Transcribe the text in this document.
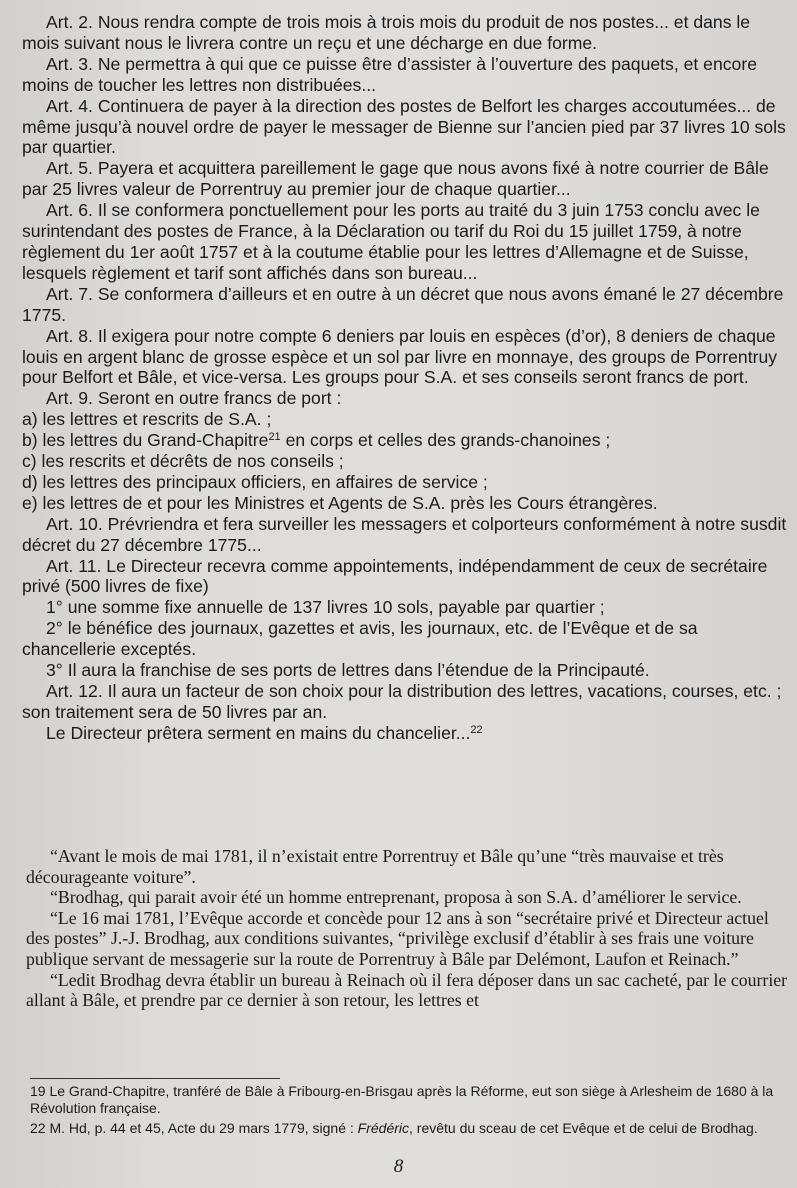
Art. 2. Nous rendra compte de trois mois à trois mois du produit de nos postes... et dans le mois suivant nous le livrera contre un reçu et une décharge en due forme.

Art. 3. Ne permettra à qui que ce puisse être d’assister à l’ouverture des paquets, et encore moins de toucher les lettres non distribuées...

Art. 4. Continuera de payer à la direction des postes de Belfort les charges accoutumées... de même jusqu’à nouvel ordre de payer le messager de Bienne sur l’ancien pied par 37 livres 10 sols par quartier.

Art. 5. Payera et acquittera pareillement le gage que nous avons fixé à notre courrier de Bâle par 25 livres valeur de Porrentruy au premier jour de chaque quartier...

Art. 6. Il se conformera ponctuellement pour les ports au traité du 3 juin 1753 conclu avec le surintendant des postes de France, à la Déclaration ou tarif du Roi du 15 juillet 1759, à notre règlement du 1er août 1757 et à la coutume établie pour les lettres d’Allemagne et de Suisse, lesquels règlement et tarif sont affichés dans son bureau...

Art. 7. Se conformera d’ailleurs et en outre à un décret que nous avons émané le 27 décembre 1775.

Art. 8. Il exigera pour notre compte 6 deniers par louis en espèces (d’or), 8 deniers de chaque louis en argent blanc de grosse espèce et un sol par livre en monnaye, des groups de Porrentruy pour Belfort et Bâle, et vice-versa. Les groups pour S.A. et ses conseils seront francs de port.

Art. 9. Seront en outre francs de port :

a) les lettres et rescrits de S.A. ;

b) les lettres du Grand-Chapitre$^{21}$ en corps et celles des grands-chanoines ;

c) les rescrits et décrêts de nos conseils ;

d) les lettres des principaux officiers, en affaires de service ;

e) les lettres de et pour les Ministres et Agents de S.A. près les Cours étrangères.

Art. 10. Prévriendra et fera surveiller les messagers et colporteurs conformément à notre susdit décret du 27 décembre 1775...

Art. 11. Le Directeur recevra comme appointements, indépendamment de ceux de secrétaire privé (500 livres de fixe)

1° une somme fixe annuelle de 137 livres 10 sols, payable par quartier ;

2° le bénéfice des journaux, gazettes et avis, les journaux, etc. de l’Evêque et de sa chancellerie exceptés.

3° Il aura la franchise de ses ports de lettres dans l’étendue de la Principauté.

Art. 12. Il aura un facteur de son choix pour la distribution des lettres, vacations, courses, etc. ; son traitement sera de 50 livres par an.

Le Directeur prêtera serment en mains du chancelier...$^{22}$

“Avant le mois de mai 1781, il n’existait entre Porrentruy et Bâle qu’une “très mauvaise et très décourageante voiture”.

“Brodhag, qui parait avoir été un homme entreprenant, proposa à son S.A. d’améliorer le service.

“Le 16 mai 1781, l’Evêque accorde et concède pour 12 ans à son “secrétaire privé et Directeur actuel des postes” J.-J. Brodhag, aux conditions suivantes, “privilège exclusif d’établir à ses frais une voiture publique servant de messagerie sur la route de Porrentruy à Bâle par Delémont, Laufon et Reinach.”

“Ledit Brodhag devra établir un bureau à Reinach où il fera déposer dans un sac cacheté, par le courrier allant à Bâle, et prendre par ce dernier à son retour, les lettres et

19 Le Grand-Chapitre, tranféré de Bâle à Fribourg-en-Brisgau après la Réforme, eut son siège à Arlesheim de 1680 à la Révolution française.

22 M. Hd, p. 44 et 45, Acte du 29 mars 1779, signé : Frédéric, revêtu du sceau de cet Evêque et de celui de Brodhag.

8
